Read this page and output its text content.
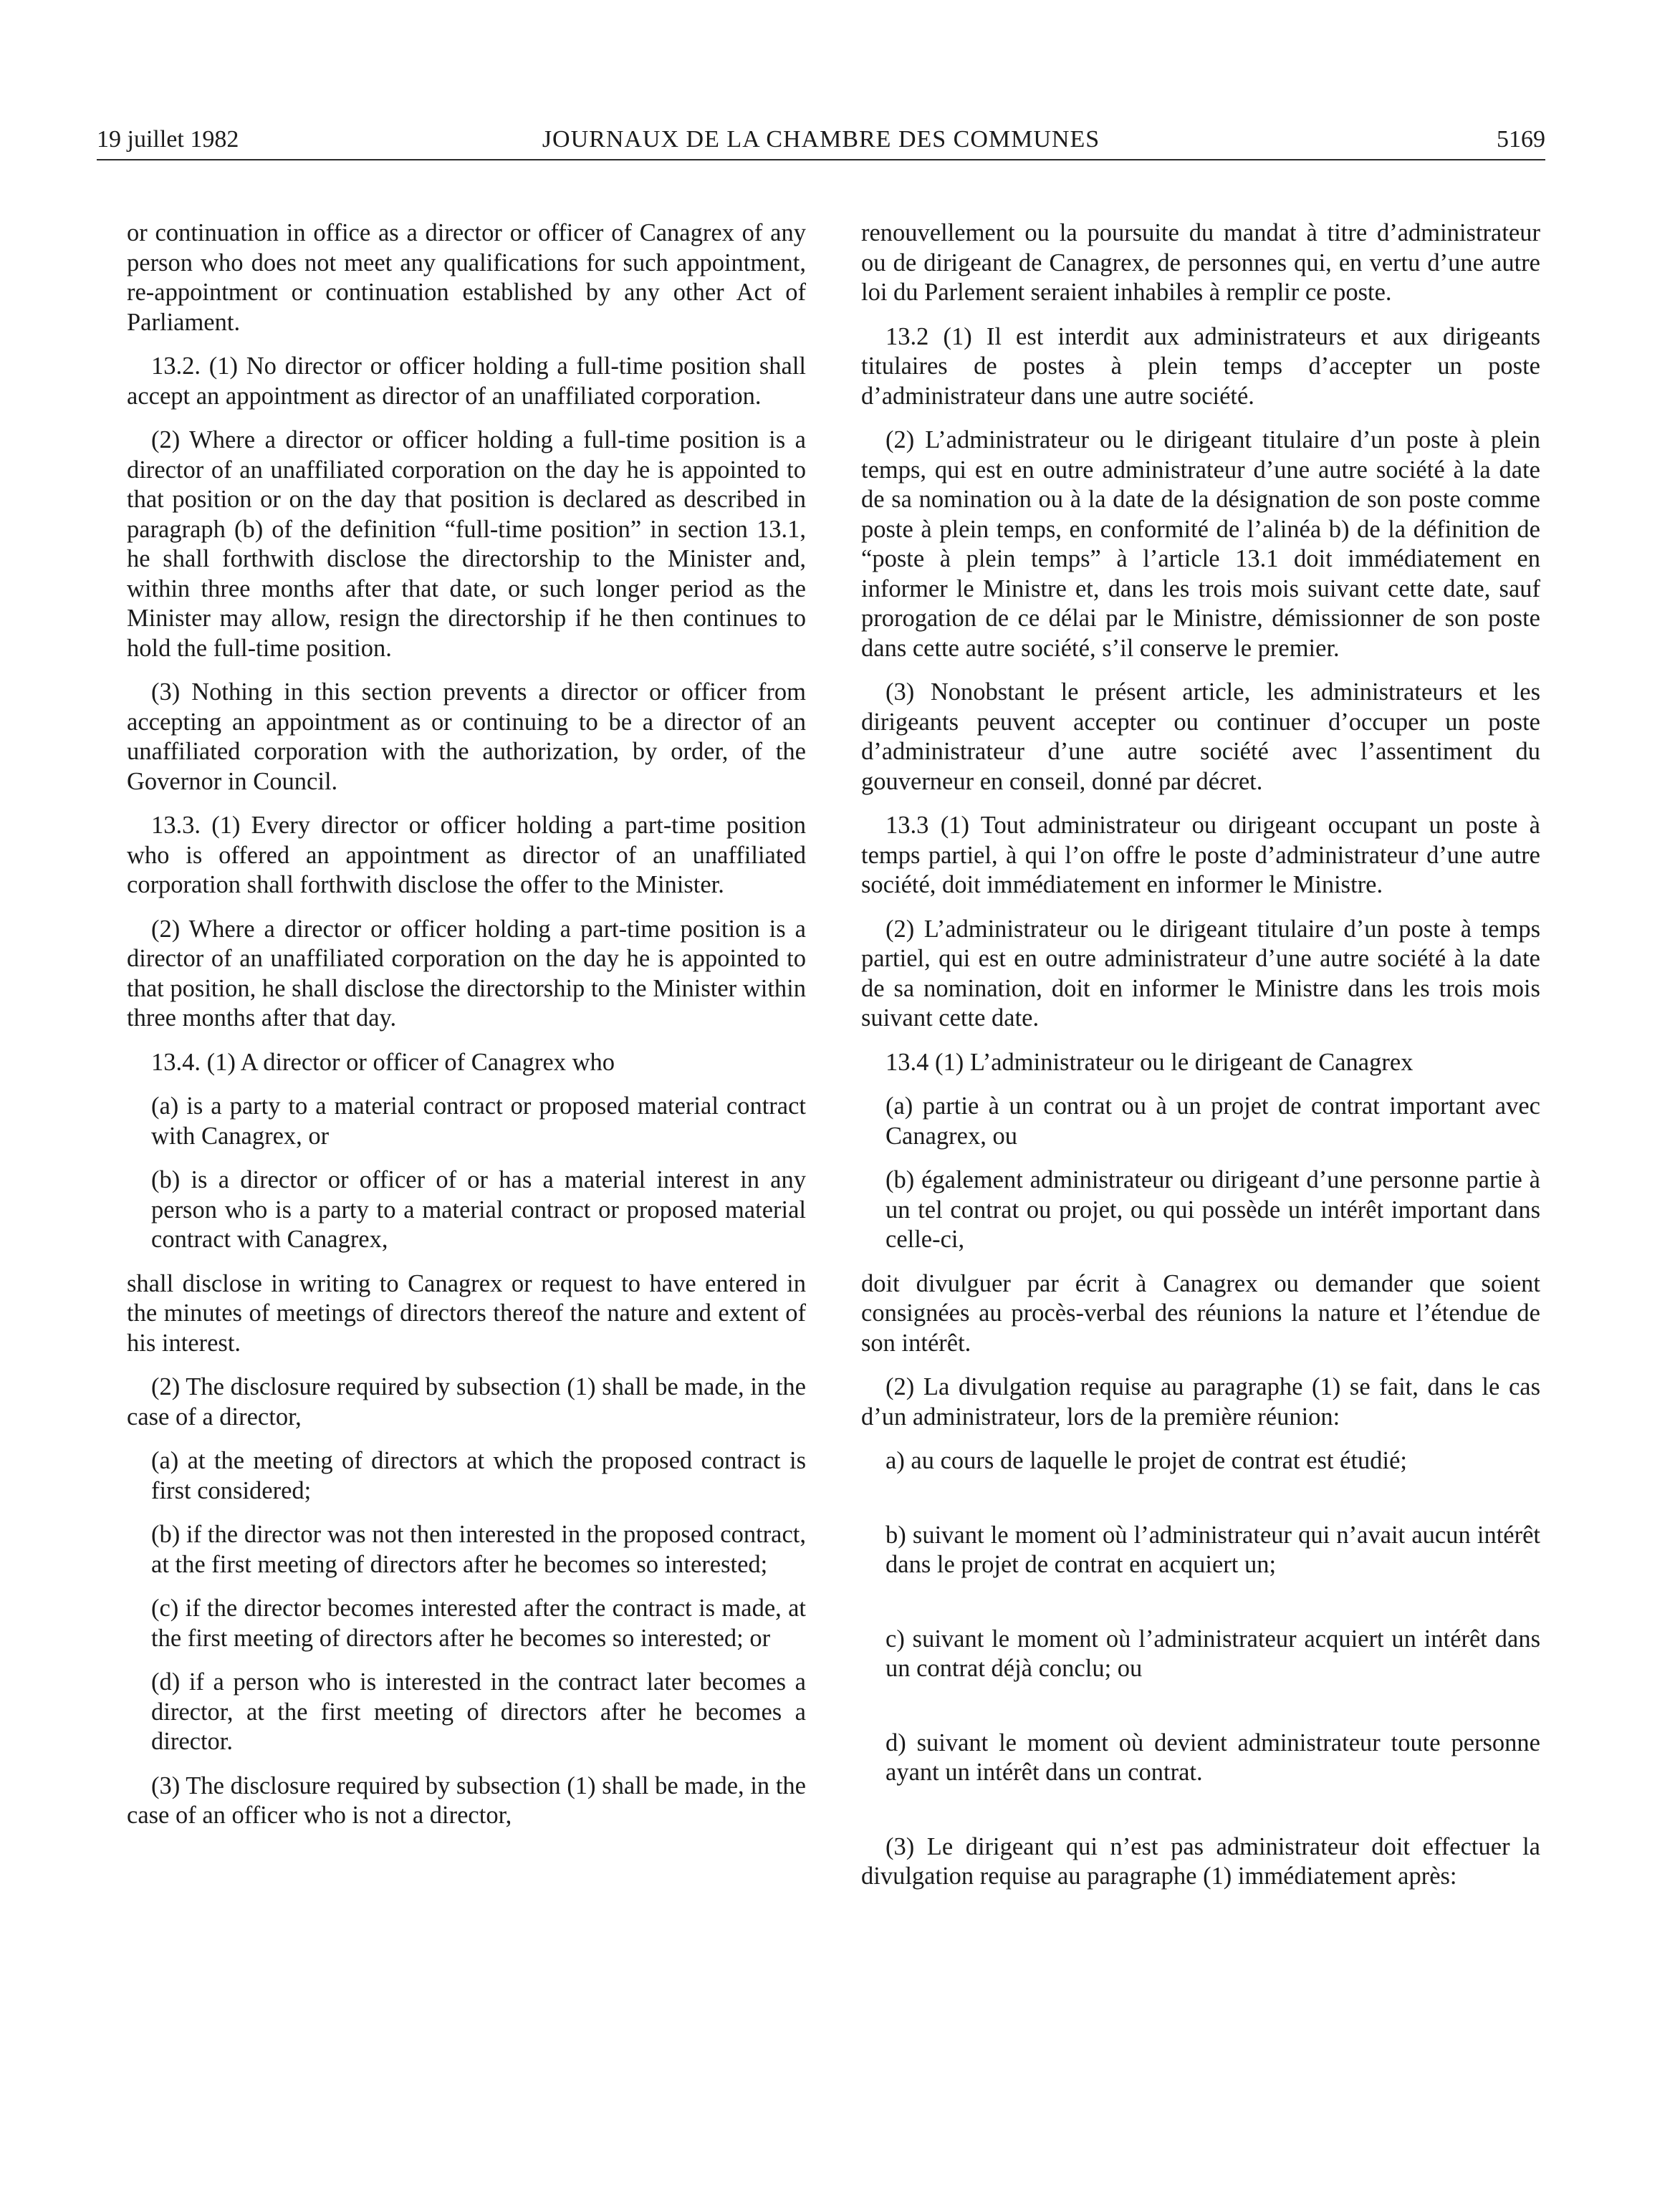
19 juillet 1982	JOURNAUX DE LA CHAMBRE DES COMMUNES	5169

or continuation in office as a director or officer of Canagrex of any person who does not meet any qualifications for such appointment, re-appointment or continuation established by any other Act of Parliament.

13.2. (1) No director or officer holding a full-time position shall accept an appointment as director of an unaffiliated corporation.

(2) Where a director or officer holding a full-time position is a director of an unaffiliated corporation on the day he is appointed to that position or on the day that position is declared as described in paragraph (b) of the definition “full-time position” in section 13.1, he shall forthwith disclose the directorship to the Minister and, within three months after that date, or such longer period as the Minister may allow, resign the directorship if he then continues to hold the full-time position.

(3) Nothing in this section prevents a director or officer from accepting an appointment as or continuing to be a director of an unaffiliated corporation with the authorization, by order, of the Governor in Council.

13.3. (1) Every director or officer holding a part-time position who is offered an appointment as director of an unaffiliated corporation shall forthwith disclose the offer to the Minister.

(2) Where a director or officer holding a part-time position is a director of an unaffiliated corporation on the day he is appointed to that position, he shall disclose the directorship to the Minister within three months after that day.

13.4. (1) A director or officer of Canagrex who

(a) is a party to a material contract or proposed material contract with Canagrex, or

(b) is a director or officer of or has a material interest in any person who is a party to a material contract or proposed material contract with Canagrex,

shall disclose in writing to Canagrex or request to have entered in the minutes of meetings of directors thereof the nature and extent of his interest.

(2) The disclosure required by subsection (1) shall be made, in the case of a director,

(a) at the meeting of directors at which the proposed contract is first considered;

(b) if the director was not then interested in the proposed contract, at the first meeting of directors after he becomes so interested;

(c) if the director becomes interested after the contract is made, at the first meeting of directors after he becomes so interested; or

(d) if a person who is interested in the contract later becomes a director, at the first meeting of directors after he becomes a director.

(3) The disclosure required by subsection (1) shall be made, in the case of an officer who is not a director,

renouvellement ou la poursuite du mandat à titre d’administrateur ou de dirigeant de Canagrex, de personnes qui, en vertu d’une autre loi du Parlement seraient inhabiles à remplir ce poste.

13.2 (1) Il est interdit aux administrateurs et aux dirigeants titulaires de postes à plein temps d’accepter un poste d’administrateur dans une autre société.

(2) L’administrateur ou le dirigeant titulaire d’un poste à plein temps, qui est en outre administrateur d’une autre société à la date de sa nomination ou à la date de la désignation de son poste comme poste à plein temps, en conformité de l’alinéa b) de la définition de “poste à plein temps” à l’article 13.1 doit immédiatement en informer le Ministre et, dans les trois mois suivant cette date, sauf prorogation de ce délai par le Ministre, démissionner de son poste dans cette autre société, s’il conserve le premier.

(3) Nonobstant le présent article, les administrateurs et les dirigeants peuvent accepter ou continuer d’occuper un poste d’administrateur d’une autre société avec l’assentiment du gouverneur en conseil, donné par décret.

13.3 (1) Tout administrateur ou dirigeant occupant un poste à temps partiel, à qui l’on offre le poste d’administrateur d’une autre société, doit immédiatement en informer le Ministre.

(2) L’administrateur ou le dirigeant titulaire d’un poste à temps partiel, qui est en outre administrateur d’une autre société à la date de sa nomination, doit en informer le Ministre dans les trois mois suivant cette date.

13.4 (1) L’administrateur ou le dirigeant de Canagrex

(a) partie à un contrat ou à un projet de contrat important avec Canagrex, ou

(b) également administrateur ou dirigeant d’une personne partie à un tel contrat ou projet, ou qui possède un intérêt important dans celle-ci,

doit divulguer par écrit à Canagrex ou demander que soient consignées au procès-verbal des réunions la nature et l’étendue de son intérêt.

(2) La divulgation requise au paragraphe (1) se fait, dans le cas d’un administrateur, lors de la première réunion:

a) au cours de laquelle le projet de contrat est étudié;

b) suivant le moment où l’administrateur qui n’avait aucun intérêt dans le projet de contrat en acquiert un;

c) suivant le moment où l’administrateur acquiert un intérêt dans un contrat déjà conclu; ou

d) suivant le moment où devient administrateur toute personne ayant un intérêt dans un contrat.

(3) Le dirigeant qui n’est pas administrateur doit effectuer la divulgation requise au paragraphe (1) immédiatement après:
